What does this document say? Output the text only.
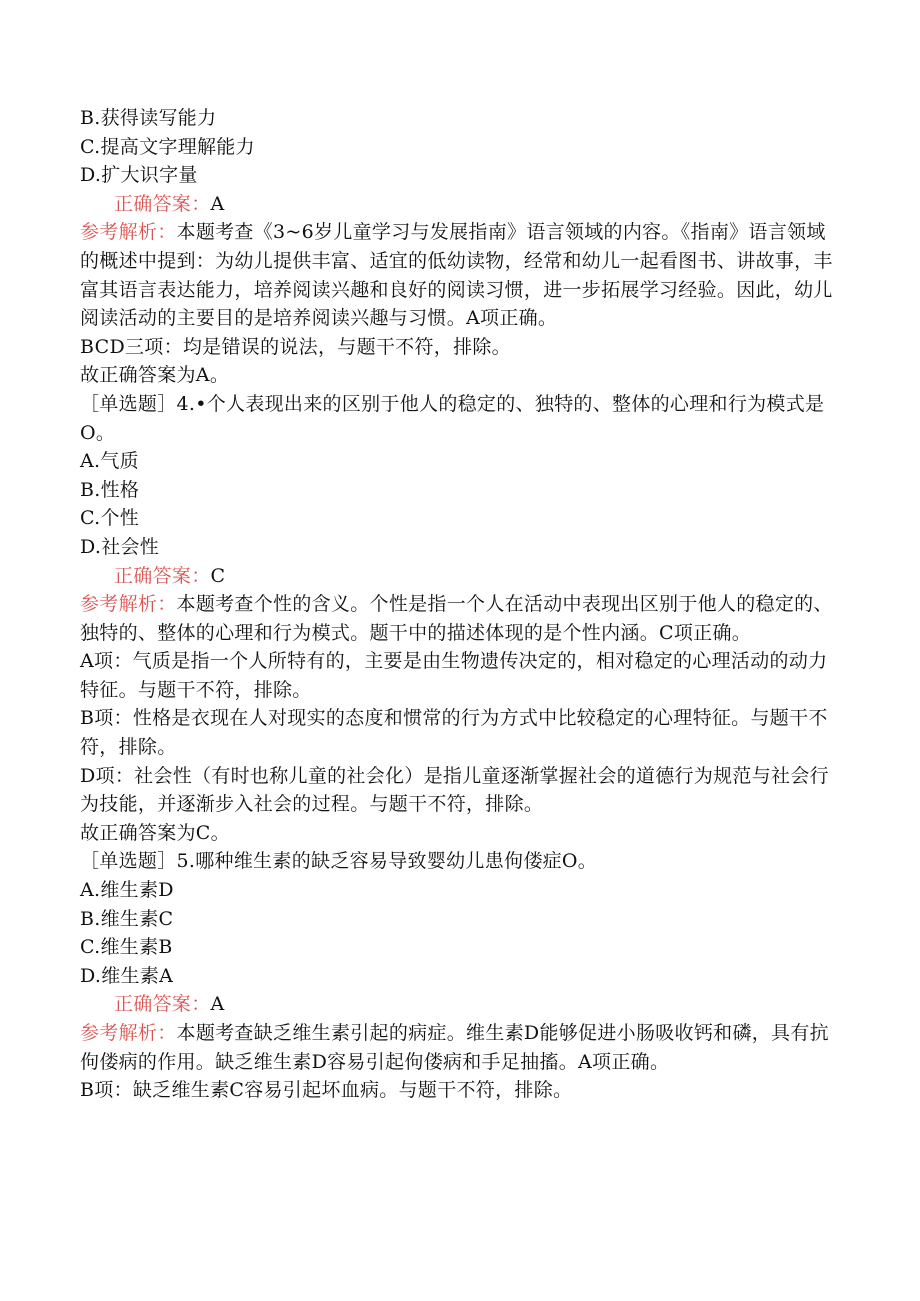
B.获得读写能力
C.提高文字理解能力
D.扩大识字量
正确答案：A
参考解析：本题考查《3~6岁儿童学习与发展指南》语言领域的内容。《指南》语言领域的概述中提到：为幼儿提供丰富、适宜的低幼读物，经常和幼儿一起看图书、讲故事，丰富其语言表达能力，培养阅读兴趣和良好的阅读习惯，进一步拓展学习经验。因此，幼儿阅读活动的主要目的是培养阅读兴趣与习惯。A项正确。
BCD三项：均是错误的说法，与题干不符，排除。
故正确答案为A。
［单选题］4.•个人表现出来的区别于他人的稳定的、独特的、整体的心理和行为模式是O。
A.气质
B.性格
C.个性
D.社会性
正确答案：C
参考解析：本题考查个性的含义。个性是指一个人在活动中表现出区别于他人的稳定的、独特的、整体的心理和行为模式。题干中的描述体现的是个性内涵。C项正确。
A项：气质是指一个人所特有的，主要是由生物遗传决定的，相对稳定的心理活动的动力特征。与题干不符，排除。
B项：性格是衣现在人对现实的态度和惯常的行为方式中比较稳定的心理特征。与题干不符，排除。
D项：社会性（有时也称儿童的社会化）是指儿童逐渐掌握社会的道德行为规范与社会行为技能，并逐渐步入社会的过程。与题干不符，排除。
故正确答案为C。
［单选题］5.哪种维生素的缺乏容易导致婴幼儿患佝偻症O。
A.维生素D
B.维生素C
C.维生素B
D.维生素A
正确答案：A
参考解析：本题考查缺乏维生素引起的病症。维生素D能够促进小肠吸收钙和磷，具有抗佝偻病的作用。缺乏维生素D容易引起佝偻病和手足抽搐。A项正确。
B项：缺乏维生素C容易引起坏血病。与题干不符，排除。
